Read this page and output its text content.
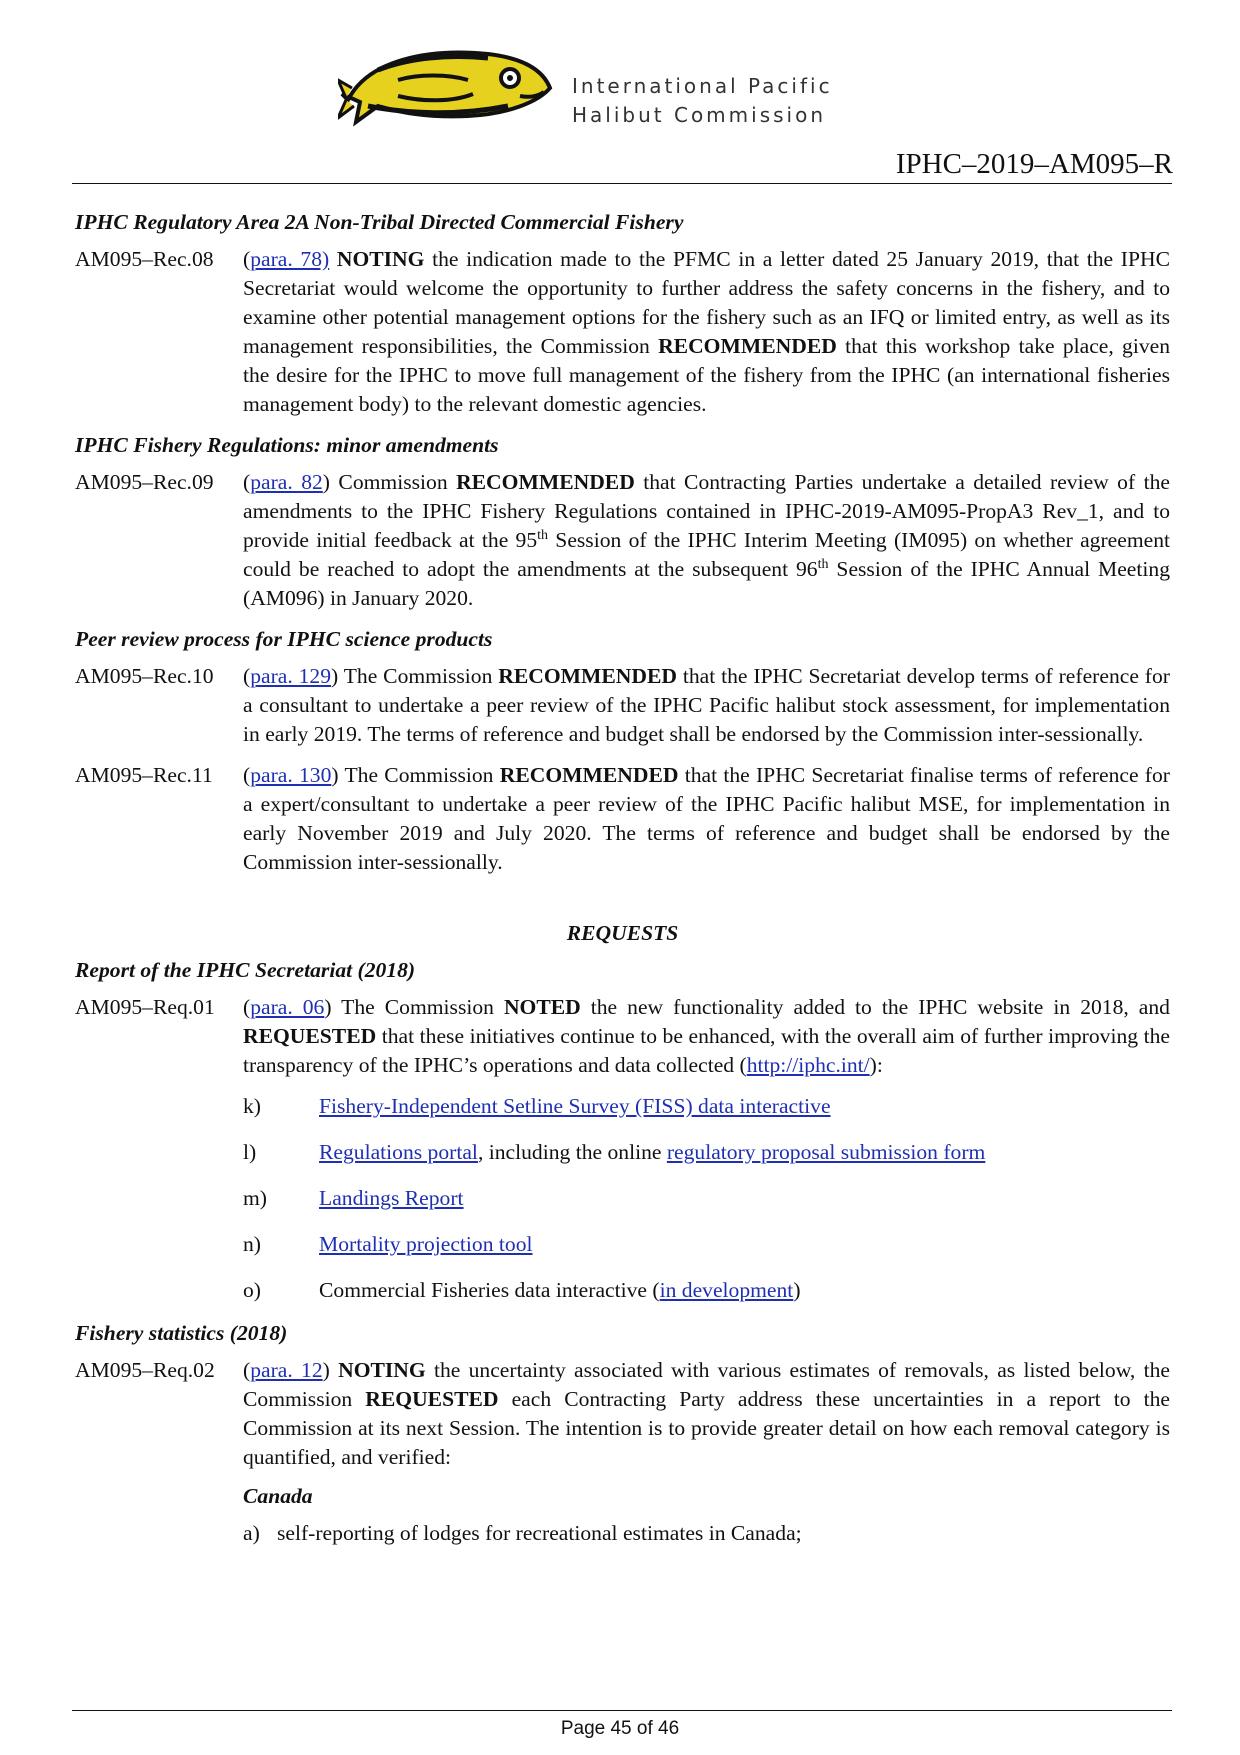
International Pacific
Halibut Commission
IPHC–2019–AM095–R
IPHC Regulatory Area 2A Non-Tribal Directed Commercial Fishery
AM095–Rec.08	(para. 78) NOTING the indication made to the PFMC in a letter dated 25 January 2019, that the IPHC Secretariat would welcome the opportunity to further address the safety concerns in the fishery, and to examine other potential management options for the fishery such as an IFQ or limited entry, as well as its management responsibilities, the Commission RECOMMENDED that this workshop take place, given the desire for the IPHC to move full management of the fishery from the IPHC (an international fisheries management body) to the relevant domestic agencies.
IPHC Fishery Regulations: minor amendments
AM095–Rec.09	(para. 82) Commission RECOMMENDED that Contracting Parties undertake a detailed review of the amendments to the IPHC Fishery Regulations contained in IPHC-2019-AM095-PropA3 Rev_1, and to provide initial feedback at the 95th Session of the IPHC Interim Meeting (IM095) on whether agreement could be reached to adopt the amendments at the subsequent 96th Session of the IPHC Annual Meeting (AM096) in January 2020.
Peer review process for IPHC science products
AM095–Rec.10	(para. 129) The Commission RECOMMENDED that the IPHC Secretariat develop terms of reference for a consultant to undertake a peer review of the IPHC Pacific halibut stock assessment, for implementation in early 2019. The terms of reference and budget shall be endorsed by the Commission inter-sessionally.
AM095–Rec.11	(para. 130) The Commission RECOMMENDED that the IPHC Secretariat finalise terms of reference for a expert/consultant to undertake a peer review of the IPHC Pacific halibut MSE, for implementation in early November 2019 and July 2020. The terms of reference and budget shall be endorsed by the Commission inter-sessionally.
REQUESTS
Report of the IPHC Secretariat (2018)
AM095–Req.01	(para. 06) The Commission NOTED the new functionality added to the IPHC website in 2018, and REQUESTED that these initiatives continue to be enhanced, with the overall aim of further improving the transparency of the IPHC’s operations and data collected (http://iphc.int/):
k)	Fishery-Independent Setline Survey (FISS) data interactive
l)	Regulations portal, including the online regulatory proposal submission form
m)	Landings Report
n)	Mortality projection tool
o)	Commercial Fisheries data interactive (in development)
Fishery statistics (2018)
AM095–Req.02	(para. 12) NOTING the uncertainty associated with various estimates of removals, as listed below, the Commission REQUESTED each Contracting Party address these uncertainties in a report to the Commission at its next Session. The intention is to provide greater detail on how each removal category is quantified, and verified:
Canada
a) self-reporting of lodges for recreational estimates in Canada;
Page 45 of 46
